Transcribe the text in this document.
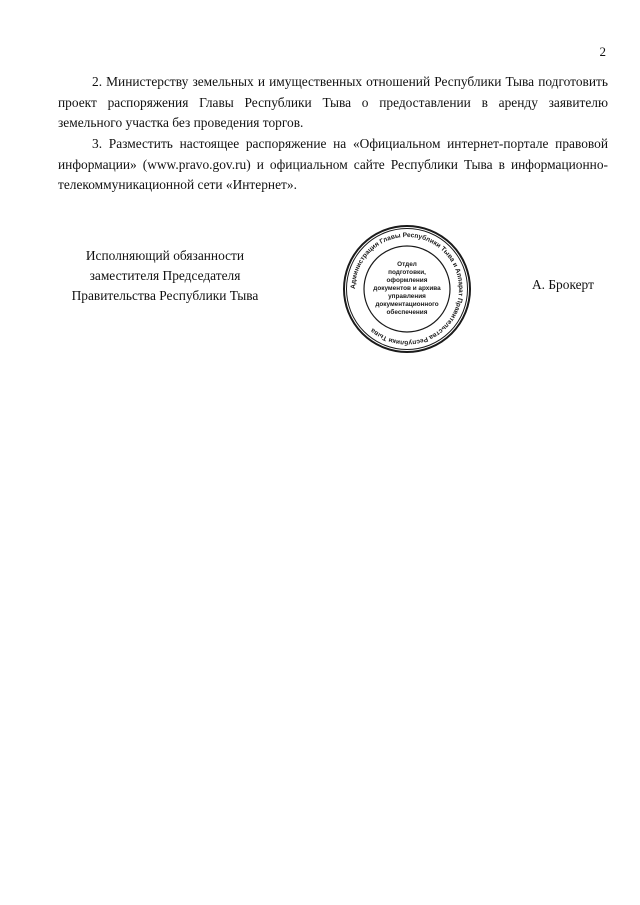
2

2. Министерству земельных и имущественных отношений Республики Тыва подготовить проект распоряжения Главы Республики Тыва о предоставлении в аренду заявителю земельного участка без проведения торгов.

3. Разместить настоящее распоряжение на «Официальном интернет-портале правовой информации» (www.pravo.gov.ru) и официальном сайте Республики Тыва в информационно-телекоммуникационной сети «Интернет».

Исполняющий обязанности
заместителя Председателя
Правительства Республики Тыва
Администрация Главы Республики Тыва и Аппарат Правительства Республики Тыва
Отдел
подготовки,
оформления
документов и архива
управления
документационного
обеспечения
А. Брокерт
